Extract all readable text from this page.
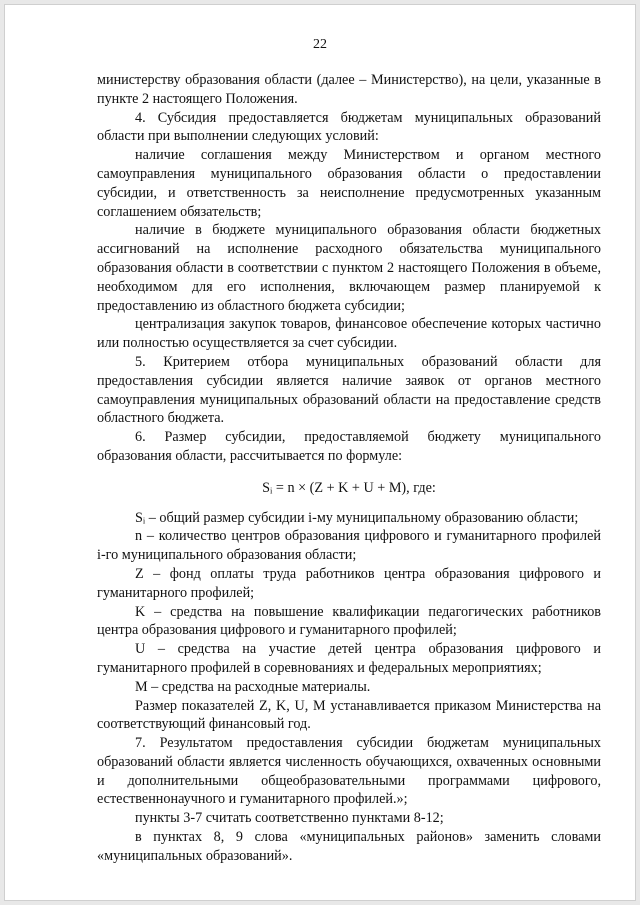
22

министерству образования области (далее – Министерство), на цели, указанные в пункте 2 настоящего Положения.

4. Субсидия предоставляется бюджетам муниципальных образований области при выполнении следующих условий:

наличие соглашения между Министерством и органом местного самоуправления муниципального образования области о предоставлении субсидии, и ответственность за неисполнение предусмотренных указанным соглашением обязательств;

наличие в бюджете муниципального образования области бюджетных ассигнований на исполнение расходного обязательства муниципального образования области в соответствии с пунктом 2 настоящего Положения в объеме, необходимом для его исполнения, включающем размер планируемой к предоставлению из областного бюджета субсидии;

централизация закупок товаров, финансовое обеспечение которых частично или полностью осуществляется за счет субсидии.

5. Критерием отбора муниципальных образований области для предоставления субсидии является наличие заявок от органов местного самоуправления муниципальных образований области на предоставление средств областного бюджета.

6. Размер субсидии, предоставляемой бюджету муниципального образования области, рассчитывается по формуле:

Sᵢ = n × (Z + K + U + M), где:

Sᵢ – общий размер субсидии i-му муниципальному образованию области;

n – количество центров образования цифрового и гуманитарного профилей i-го муниципального образования области;

Z – фонд оплаты труда работников центра образования цифрового и гуманитарного профилей;

K – средства на повышение квалификации педагогических работников центра образования цифрового и гуманитарного профилей;

U – средства на участие детей центра образования цифрового и гуманитарного профилей в соревнованиях и федеральных мероприятиях;

M – средства на расходные материалы.

Размер показателей Z, K, U, M устанавливается приказом Министерства на соответствующий финансовый год.

7. Результатом предоставления субсидии бюджетам муниципальных образований области является численность обучающихся, охваченных основными и дополнительными общеобразовательными программами цифрового, естественнонаучного и гуманитарного профилей.»;

пункты 3-7 считать соответственно пунктами 8-12;

в пунктах 8, 9 слова «муниципальных районов» заменить словами «муниципальных образований».
